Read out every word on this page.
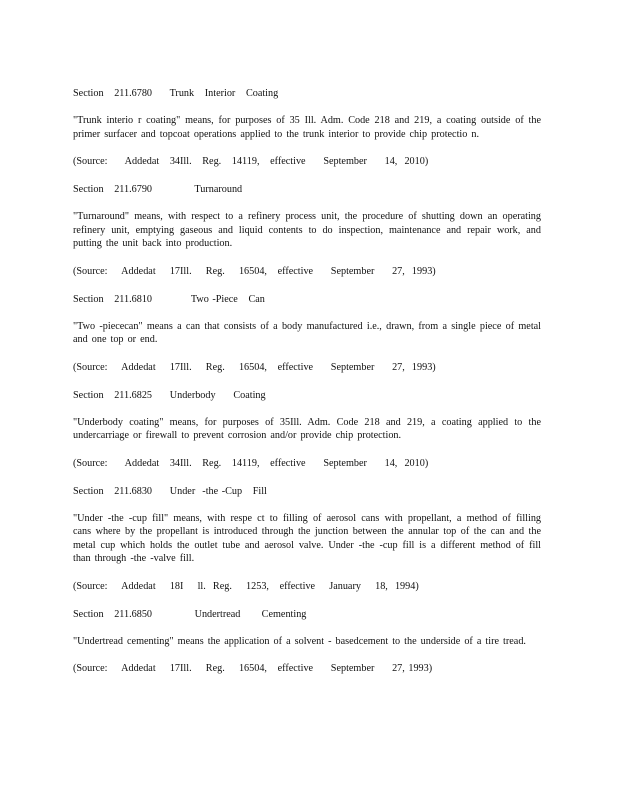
Section   211.6780     Trunk   Interior   Coating

"Trunk interio r coating" means, for purposes of 35 Ill. Adm. Code 218 and 219, a coating outside of the primer surfacer and topcoat operations applied to the trunk interior to provide chip protectio n.

(Source:     Addedat   34Ill.   Reg.   14119,   effective     September     14,  2010)

Section   211.6790            Turnaround

"Turnaround" means, with respect to a refinery process unit, the procedure of shutting down an operating refinery unit, emptying gaseous and liquid contents to do inspection, maintenance and repair work, and putting the unit back into production.

(Source:    Addedat    17Ill.    Reg.    16504,   effective     September     27,  1993)

Section   211.6810           Two -Piece   Can

"Two -piececan" means a can that consists of a body manufactured i.e., drawn, from a single piece of metal and one top or end.

(Source:    Addedat    17Ill.    Reg.    16504,   effective     September     27,  1993)

Section   211.6825     Underbody     Coating

"Underbody coating" means, for purposes of 35Ill. Adm. Code 218 and 219, a coating applied to the undercarriage or firewall to prevent corrosion and/or provide chip protection.

(Source:     Addedat   34Ill.   Reg.   14119,   effective     September     14,  2010)

Section   211.6830     Under  -the -Cup   Fill

"Under -the -cup fill" means, with respe ct to filling of aerosol cans with propellant, a method of filling cans where by the propellant is introduced through the junction between the annular top of the can and the metal cup which holds the outlet tube and aerosol valve. Under -the -cup fill is a different method of fill than through -the -valve fill.

(Source:    Addedat    18I    ll.  Reg.    1253,   effective    January    18,  1994)

Section   211.6850            Undertread      Cementing

"Undertread cementing" means the application of a solvent - basedcement to the underside of a tire tread.

(Source:    Addedat    17Ill.    Reg.    16504,   effective     September     27, 1993)
